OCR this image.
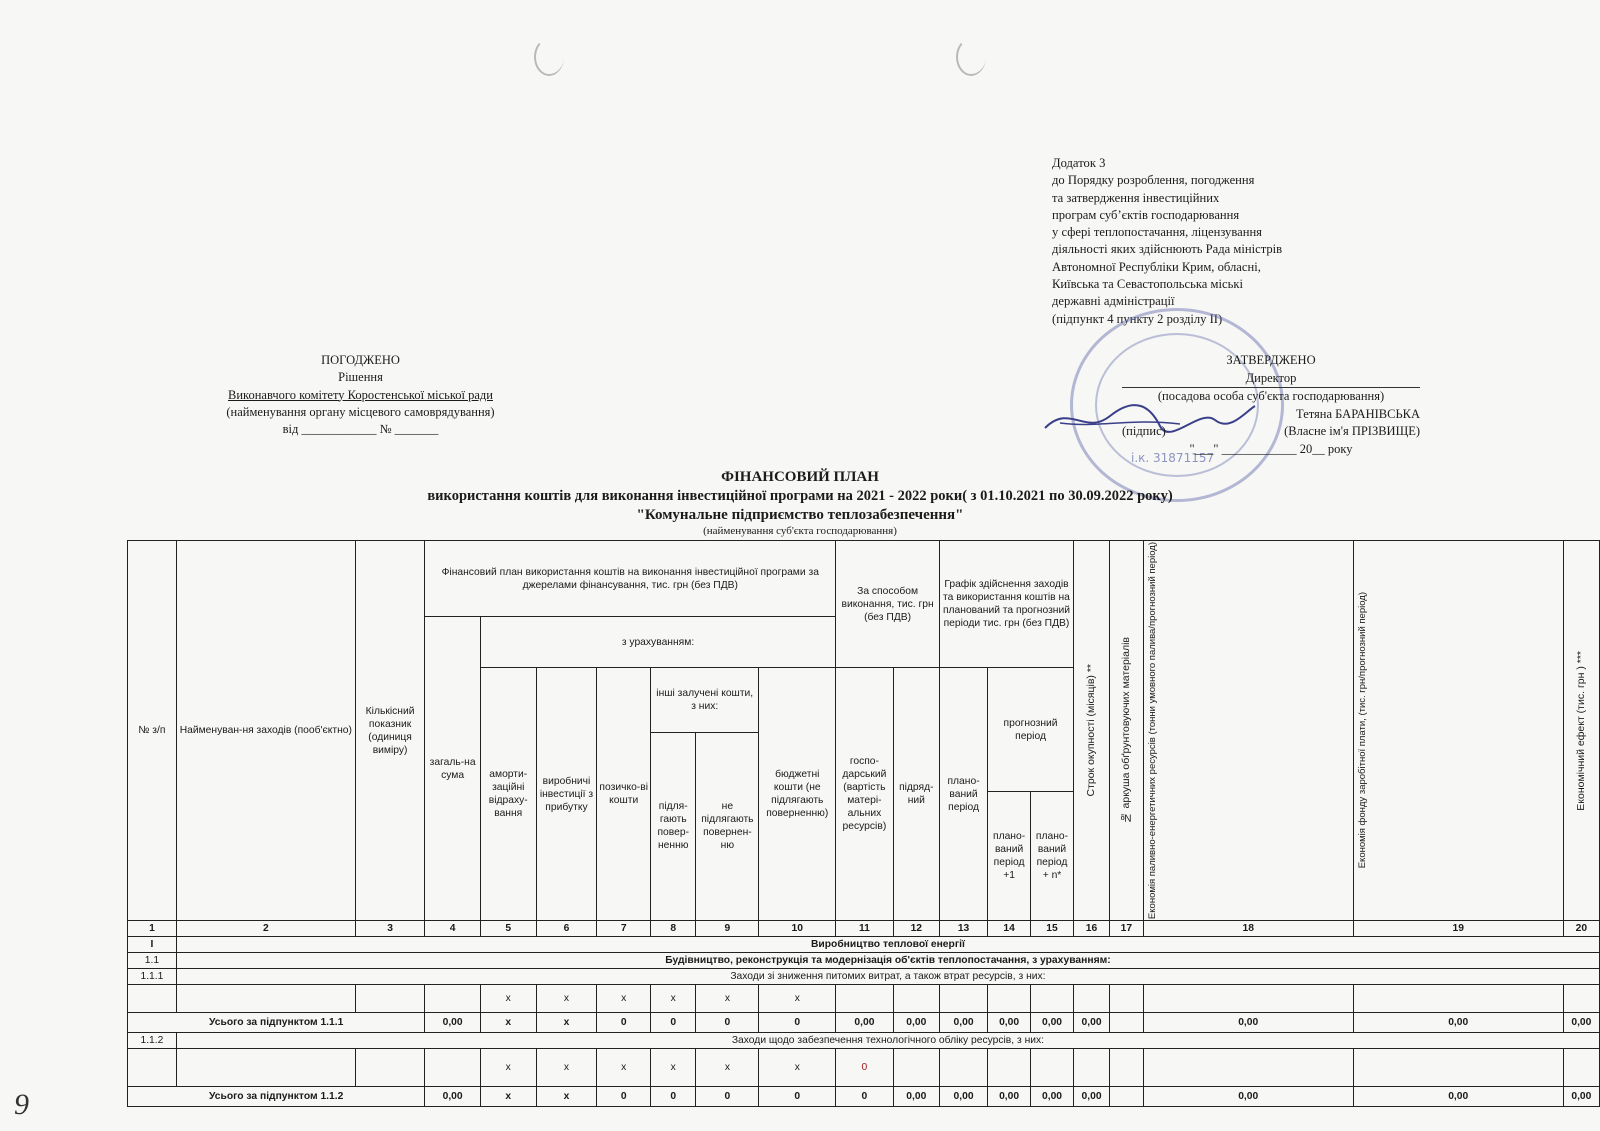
Додаток 3
до Порядку розроблення, погодження
та затвердження інвестиційних
програм суб’єктів господарювання
у сфері теплопостачання, ліцензування
діяльності яких здійснюють Рада міністрів
Автономної Республіки Крим, обласні,
Київська та Севастопольська міські
державні адміністрації
(підпункт 4 пункту 2 розділу II)
ПОГОДЖЕНО
Рішення
Виконавчого комітету Коростенської міської ради
(найменування органу місцевого самоврядування)
від ____________ № _______
і.к. 31871157
ЗАТВЕРДЖЕНО
Директор
(посадова особа суб'єкта господарювання)
Тетяна БАРАНІВСЬКА
(підпис)	(Власне ім'я ПРІЗВИЩЕ)
"___" ____________ 20__ року
ФІНАНСОВИЙ ПЛАН
використання коштів для виконання інвестиційної програми на 2021 - 2022 роки( з 01.10.2021 по 30.09.2022 року)
"Комунальне підприємство теплозабезпечення"
(найменування суб'єкта господарювання)
№ з/п	Найменуван-ня заходів (пооб'єктно)	Кількісний показник (одиниця виміру)	Фінансовий план використання коштів на виконання інвестиційної програми за джерелами фінансування, тис. грн (без ПДВ)							За способом виконання, тис. грн (без ПДВ)		Графік здійснення заходів та використання коштів на планований та прогнозний періоди тис. грн (без ПДВ)			Строк окупності (місяців) **	№ аркуша обґрунтовуючих матеріалів	Економія паливно-енергетичних ресурсів (тонни умовного палива/прогнозний період)	Економія фонду заробітної плати, (тис. грн/прогнозний період)	Економічний ефект (тис. грн ) ***

			загаль-на сума	з урахуванням:															
				аморти-заційні відраху-вання	виробничі інвестиції з прибутку	позичко-ві кошти	інші залучені кошти, з них:		бюджетні кошти (не підлягають поверненню)	госпо-дарський (вартість матері-альних ресурсів)	підряд-ний	плано-ваний період	прогнозний період						
							підля-гають повер-ненню	не підлягають повернен-ню											
													плано-ваний період +1	плано-ваний період + n*					

1	2	3	4	5	6	7	8	9	10	11	12	13	14	15	16	17	18	19	20
I	Виробництво теплової енергії																		
1.1	Будівництво, реконструкція та модернізація об'єктів теплопостачання, з урахуванням:																		
1.1.1	Заходи зі зниження питомих витрат, а також втрат ресурсів, з них:																		
				x	x	x	x	x	x										
Усього за підпунктом 1.1.1			0,00	x	x	0	0	0	0	0,00	0,00	0,00	0,00	0,00	0,00		0,00	0,00	0,00
1.1.2	Заходи щодо забезпечення технологічного обліку ресурсів, з них:																		
				x	x	x	x	x	x	0									
Усього за підпунктом 1.1.2			0,00	x	x	0	0	0	0	0	0,00	0,00	0,00	0,00	0,00		0,00	0,00	0,00
9
